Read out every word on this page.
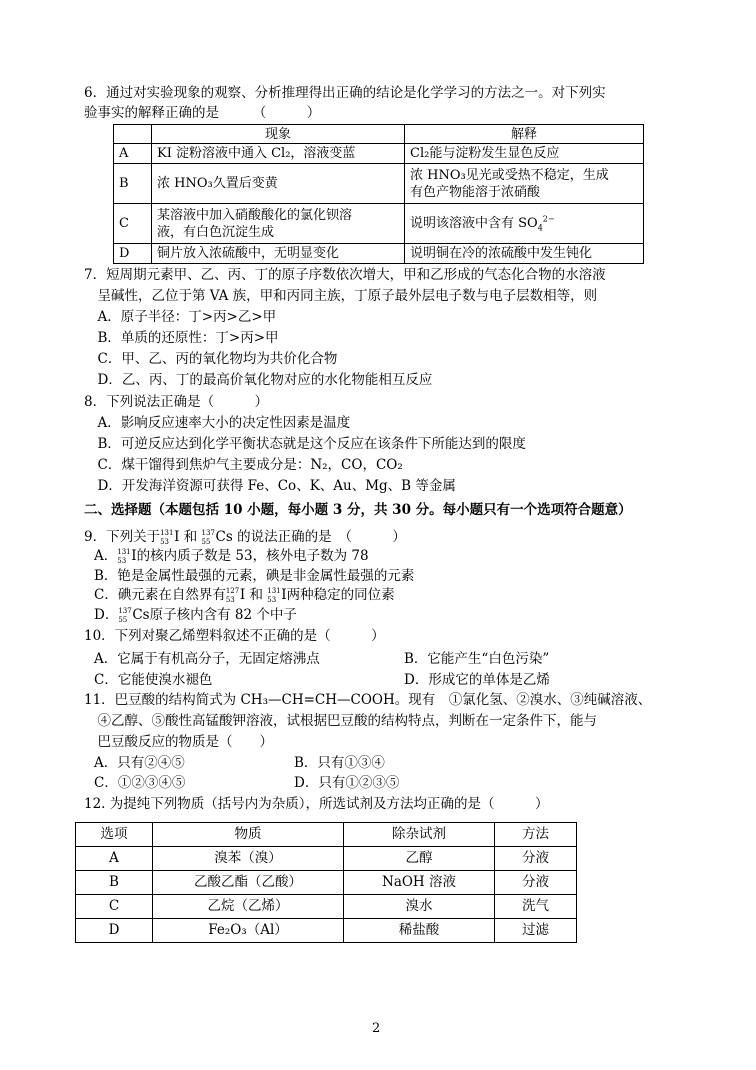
6．通过对实验现象的观察、分析推理得出正确的结论是化学学习的方法之一。对下列实
验事实的解释正确的是　　　（　　　）
	现象	解释
A	KI 淀粉溶液中通入 Cl₂，溶液变蓝	Cl₂能与淀粉发生显色反应
B	浓 HNO₃久置后变黄	浓 HNO₃见光或受热不稳定，生成
有色产物能溶于浓硝酸

C	某溶液中加入硝酸酸化的氯化钡溶
液，有白色沉淀生成	说明该溶液中含有 $SO_4^{2-}$
D	铜片放入浓硫酸中，无明显变化	说明铜在冷的浓硫酸中发生钝化
7．短周期元素甲、乙、丙、丁的原子序数依次增大，甲和乙形成的气态化合物的水溶液
　呈碱性，乙位于第 VA 族，甲和丙同主族，丁原子最外层电子数与电子层数相等，则
　A．原子半径：丁>丙>乙>甲
　B．单质的还原性：丁>丙>甲
　C．甲、乙、丙的氧化物均为共价化合物
　D．乙、丙、丁的最高价氧化物对应的水化物能相互反应
8．下列说法正确是（　　　）
　A．影响反应速率大小的决定性因素是温度
　B．可逆反应达到化学平衡状态就是这个反应在该条件下所能达到的限度
　C．煤干馏得到焦炉气主要成分是：N₂，CO，CO₂
　D．开发海洋资源可获得 Fe、Co、K、Au、Mg、B 等金属
二、选择题（本题包括 10 小题，每小题 3 分，共 30 分。每小题只有一个选项符合题意）
9．下列关于 131
53 I 和 137
55 Cs 的说法正确的是　（　　　）
A． 131
53 I的核内质子数是 53，核外电子数为 78
B．铯是金属性最强的元素，碘是非金属性最强的元素
C．碘元素在自然界有 127
53 I 和 131
53 I两种稳定的同位素
D． 137
55 Cs原子核内含有 82 个中子
10．下列对聚乙烯塑料叙述不正确的是（　　　）
A．它属于有机高分子，无固定熔沸点	B．它能产生“白色污染”
C．它能使溴水褪色	D．形成它的单体是乙烯
11．巴豆酸的结构简式为 CH₃—CH=CH—COOH。现有　①氯化氢、②溴水、③纯碱溶液、
　④乙醇、⑤酸性高锰酸钾溶液，试根据巴豆酸的结构特点，判断在一定条件下，能与
　巴豆酸反应的物质是（　　）
A．只有②④⑤	B．只有①③④
C．①②③④⑤	D．只有①②③⑤
12. 为提纯下列物质（括号内为杂质），所选试剂及方法均正确的是（　　　）
选项	物质	除杂试剂	方法
A	溴苯（溴）	乙醇	分液
B	乙酸乙酯（乙酸）	NaOH 溶液	分液
C	乙烷（乙烯）	溴水	洗气
D	Fe₂O₃（Al）	稀盐酸	过滤
2
